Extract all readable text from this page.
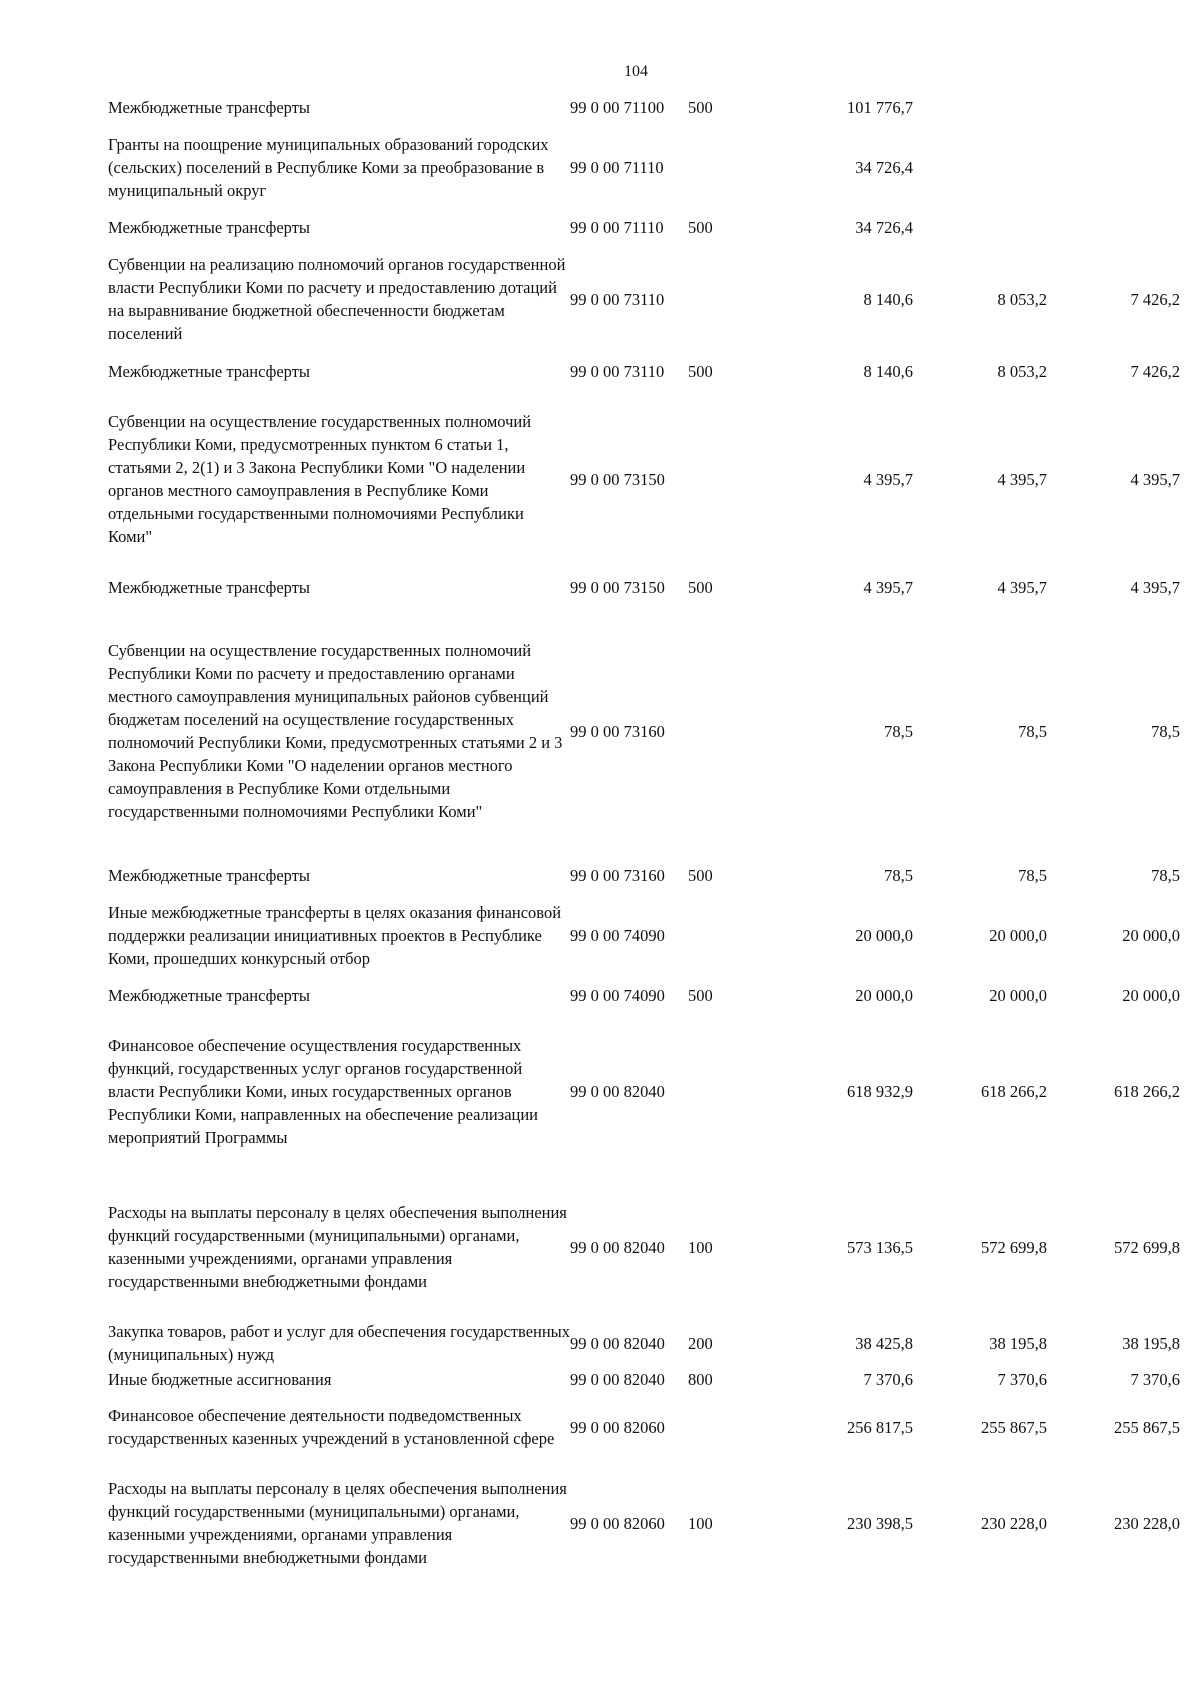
104
Межбюджетные трансферты	99 0 00 71100	500	101 776,7		
Гранты на поощрение муниципальных образований городских (сельских) поселений в Республике Коми за преобразование в муниципальный округ	99 0 00 71110		34 726,4		
Межбюджетные трансферты	99 0 00 71110	500	34 726,4		
Субвенции на реализацию полномочий органов государственной власти Республики Коми по расчету и предоставлению дотаций на выравнивание бюджетной обеспеченности бюджетам поселений	99 0 00 73110		8 140,6	8 053,2	7 426,2
Межбюджетные трансферты	99 0 00 73110	500	8 140,6	8 053,2	7 426,2
Субвенции на осуществление государственных полномочий Республики Коми, предусмотренных пунктом 6 статьи 1, статьями 2, 2(1) и 3 Закона Республики Коми "О наделении органов местного самоуправления в Республике Коми отдельными государственными полномочиями Республики Коми"	99 0 00 73150		4 395,7	4 395,7	4 395,7
Межбюджетные трансферты	99 0 00 73150	500	4 395,7	4 395,7	4 395,7
Субвенции на осуществление государственных полномочий Республики Коми по расчету и предоставлению органами местного самоуправления муниципальных районов субвенций бюджетам поселений на осуществление государственных полномочий Республики Коми, предусмотренных статьями 2 и 3 Закона Республики Коми "О наделении органов местного самоуправления в Республике Коми отдельными государственными полномочиями Республики Коми"	99 0 00 73160		78,5	78,5	78,5
Межбюджетные трансферты	99 0 00 73160	500	78,5	78,5	78,5
Иные межбюджетные трансферты в целях оказания финансовой поддержки реализации инициативных проектов в Республике Коми, прошедших конкурсный отбор	99 0 00 74090		20 000,0	20 000,0	20 000,0
Межбюджетные трансферты	99 0 00 74090	500	20 000,0	20 000,0	20 000,0
Финансовое обеспечение осуществления государственных функций, государственных услуг органов государственной власти Республики Коми, иных государственных органов Республики Коми, направленных на обеспечение реализации мероприятий Программы	99 0 00 82040		618 932,9	618 266,2	618 266,2
Расходы на выплаты персоналу в целях обеспечения выполнения функций государственными (муниципальными) органами, казенными учреждениями, органами управления государственными внебюджетными фондами	99 0 00 82040	100	573 136,5	572 699,8	572 699,8
Закупка товаров, работ и услуг для обеспечения государственных (муниципальных) нужд	99 0 00 82040	200	38 425,8	38 195,8	38 195,8
Иные бюджетные ассигнования	99 0 00 82040	800	7 370,6	7 370,6	7 370,6
Финансовое обеспечение деятельности подведомственных государственных казенных учреждений в установленной сфере	99 0 00 82060		256 817,5	255 867,5	255 867,5
Расходы на выплаты персоналу в целях обеспечения выполнения функций государственными (муниципальными) органами, казенными учреждениями, органами управления государственными внебюджетными фондами	99 0 00 82060	100	230 398,5	230 228,0	230 228,0
